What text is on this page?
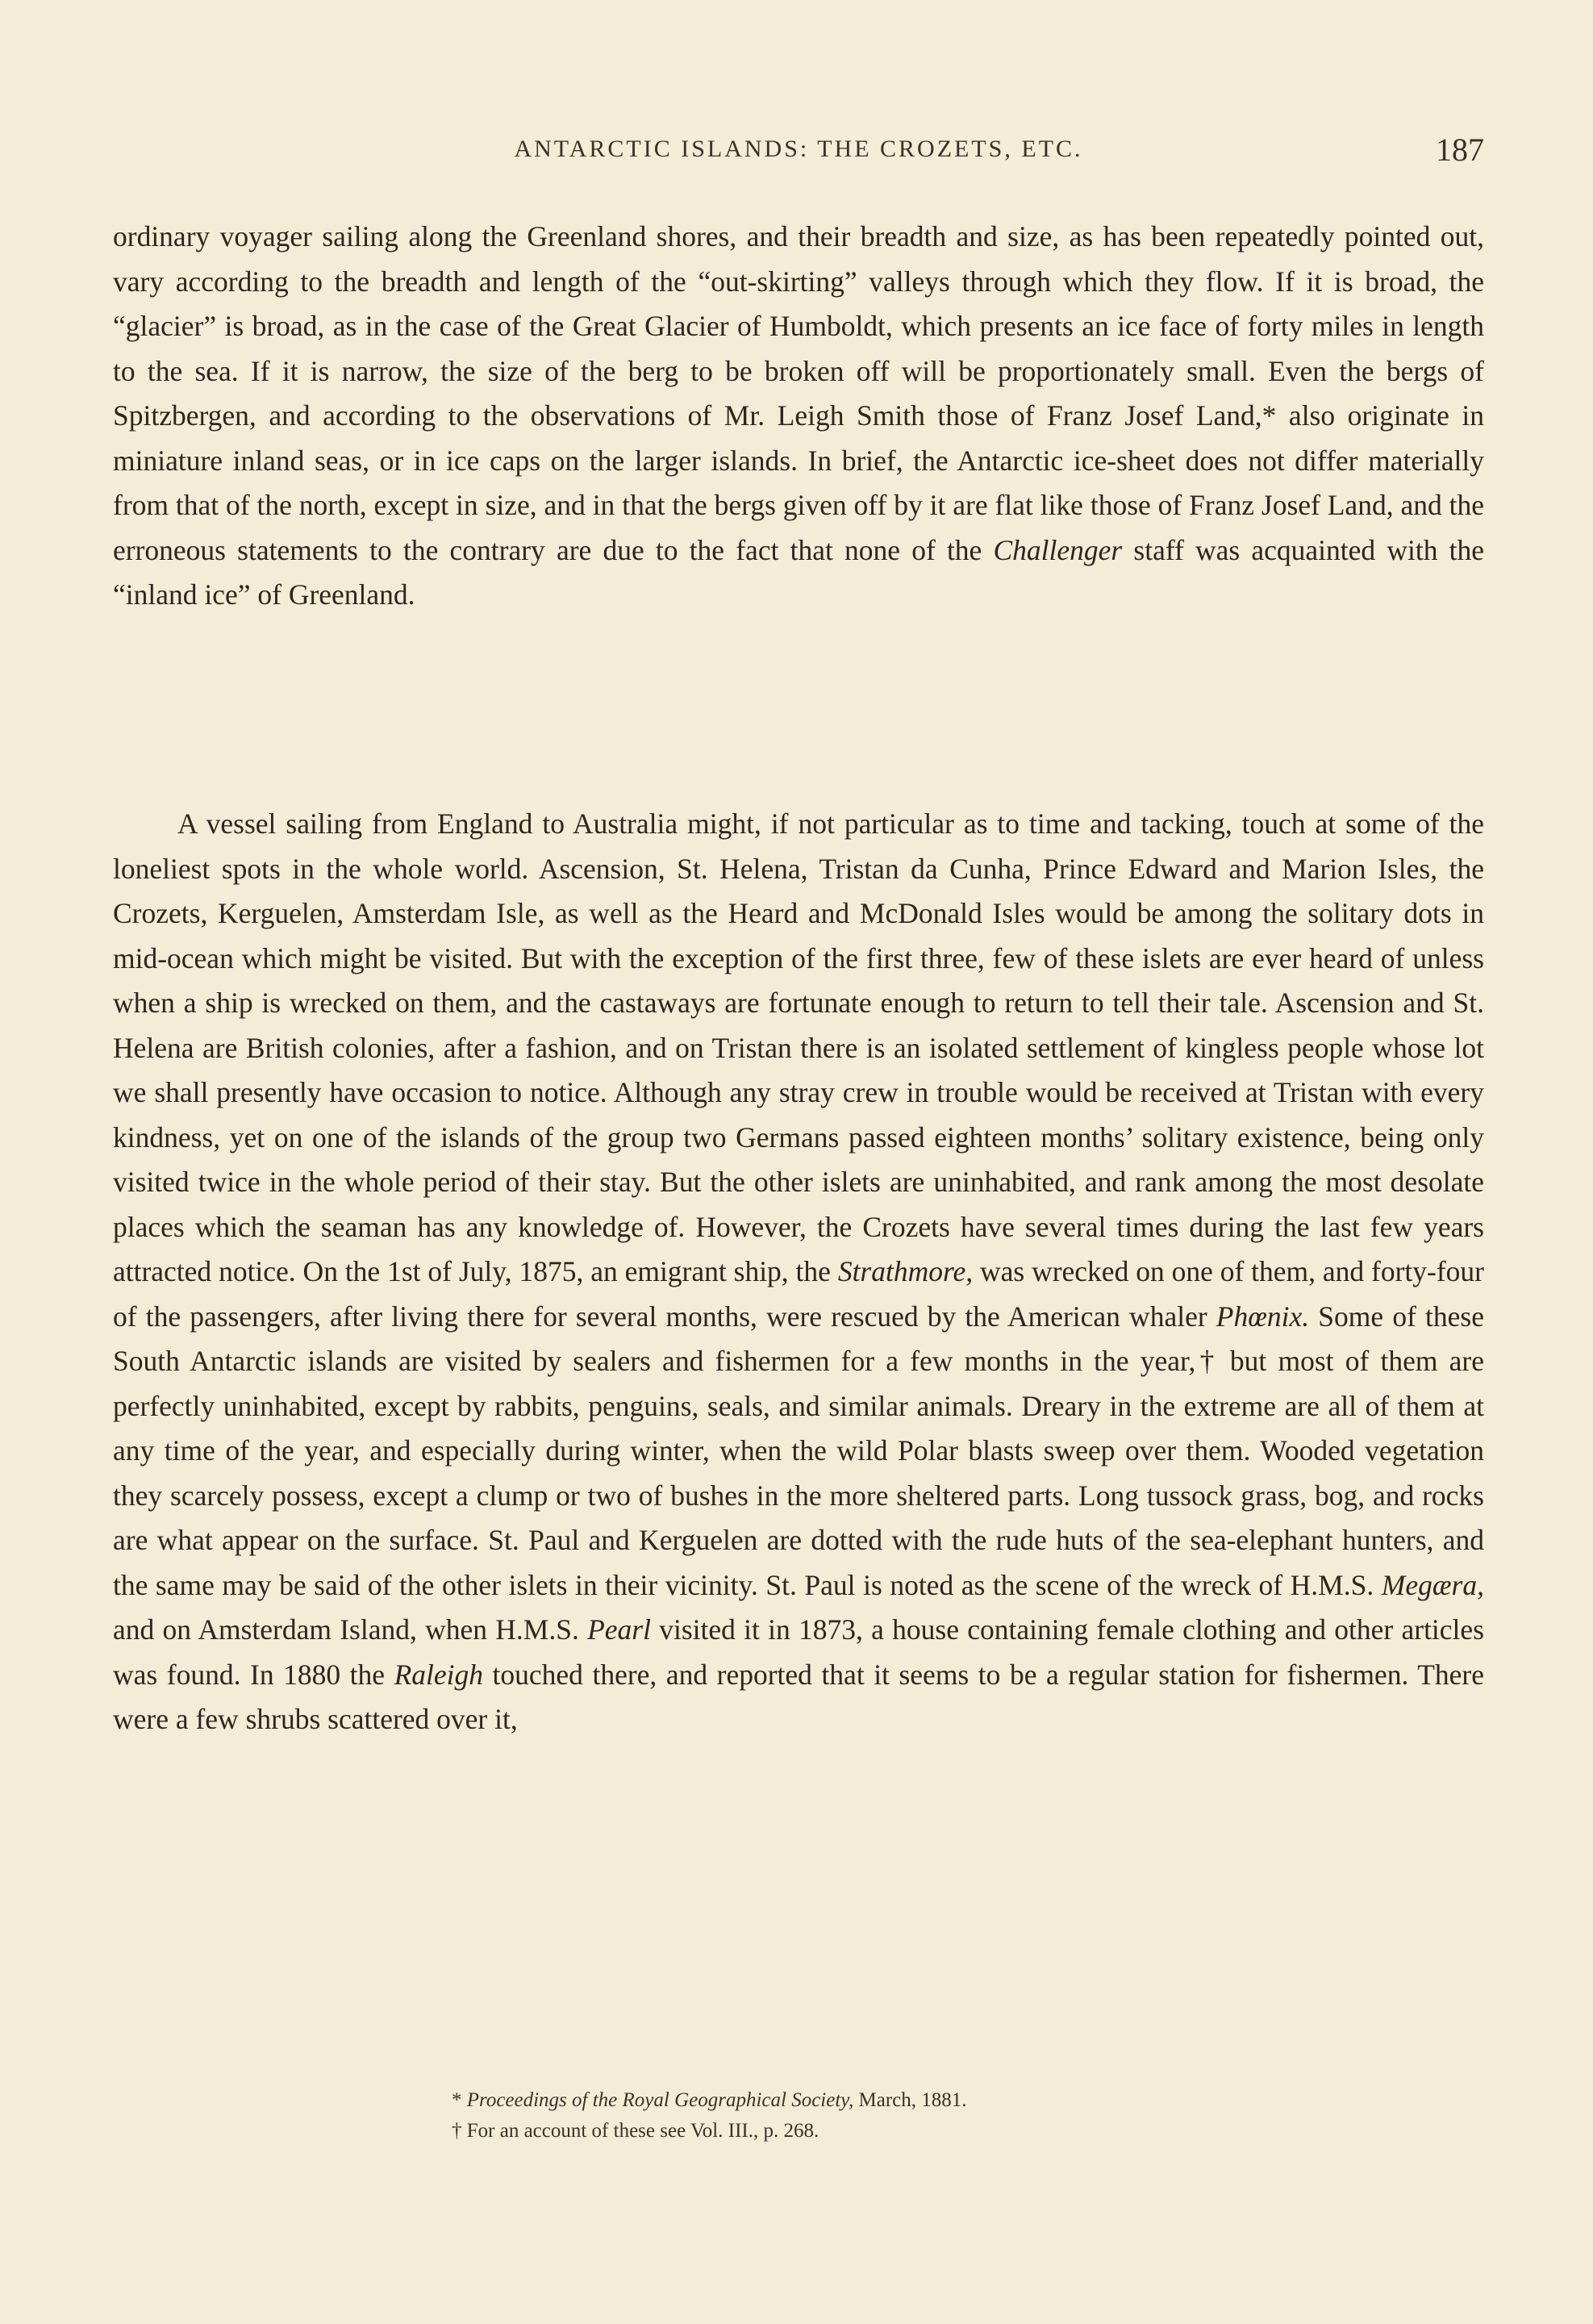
ANTARCTIC ISLANDS: THE CROZETS, ETC.	187

ordinary voyager sailing along the Greenland shores, and their breadth and size, as has been repeatedly pointed out, vary according to the breadth and length of the “out-skirting” valleys through which they flow. If it is broad, the “glacier” is broad, as in the case of the Great Glacier of Humboldt, which presents an ice face of forty miles in length to the sea. If it is narrow, the size of the berg to be broken off will be proportionately small. Even the bergs of Spitzbergen, and according to the observations of Mr. Leigh Smith those of Franz Josef Land,* also originate in miniature inland seas, or in ice caps on the larger islands. In brief, the Antarctic ice-sheet does not differ materially from that of the north, except in size, and in that the bergs given off by it are flat like those of Franz Josef Land, and the erroneous statements to the contrary are due to the fact that none of the Challenger staff was acquainted with the “inland ice” of Greenland.

A vessel sailing from England to Australia might, if not particular as to time and tacking, touch at some of the loneliest spots in the whole world. Ascension, St. Helena, Tristan da Cunha, Prince Edward and Marion Isles, the Crozets, Kerguelen, Amsterdam Isle, as well as the Heard and McDonald Isles would be among the solitary dots in mid-ocean which might be visited. But with the exception of the first three, few of these islets are ever heard of unless when a ship is wrecked on them, and the castaways are fortunate enough to return to tell their tale. Ascension and St. Helena are British colonies, after a fashion, and on Tristan there is an isolated settlement of kingless people whose lot we shall presently have occasion to notice. Although any stray crew in trouble would be received at Tristan with every kindness, yet on one of the islands of the group two Germans passed eighteen months’ solitary existence, being only visited twice in the whole period of their stay. But the other islets are uninhabited, and rank among the most desolate places which the seaman has any knowledge of. However, the Crozets have several times during the last few years attracted notice. On the 1st of July, 1875, an emigrant ship, the Strathmore, was wrecked on one of them, and forty-four of the passengers, after living there for several months, were rescued by the American whaler Phœnix. Some of these South Antarctic islands are visited by sealers and fishermen for a few months in the year,† but most of them are perfectly uninhabited, except by rabbits, penguins, seals, and similar animals. Dreary in the extreme are all of them at any time of the year, and especially during winter, when the wild Polar blasts sweep over them. Wooded vegetation they scarcely possess, except a clump or two of bushes in the more sheltered parts. Long tussock grass, bog, and rocks are what appear on the surface. St. Paul and Kerguelen are dotted with the rude huts of the sea-elephant hunters, and the same may be said of the other islets in their vicinity. St. Paul is noted as the scene of the wreck of H.M.S. Megæra, and on Amsterdam Island, when H.M.S. Pearl visited it in 1873, a house containing female clothing and other articles was found. In 1880 the Raleigh touched there, and reported that it seems to be a regular station for fishermen. There were a few shrubs scattered over it,

* Proceedings of the Royal Geographical Society, March, 1881.

† For an account of these see Vol. III., p. 268.
